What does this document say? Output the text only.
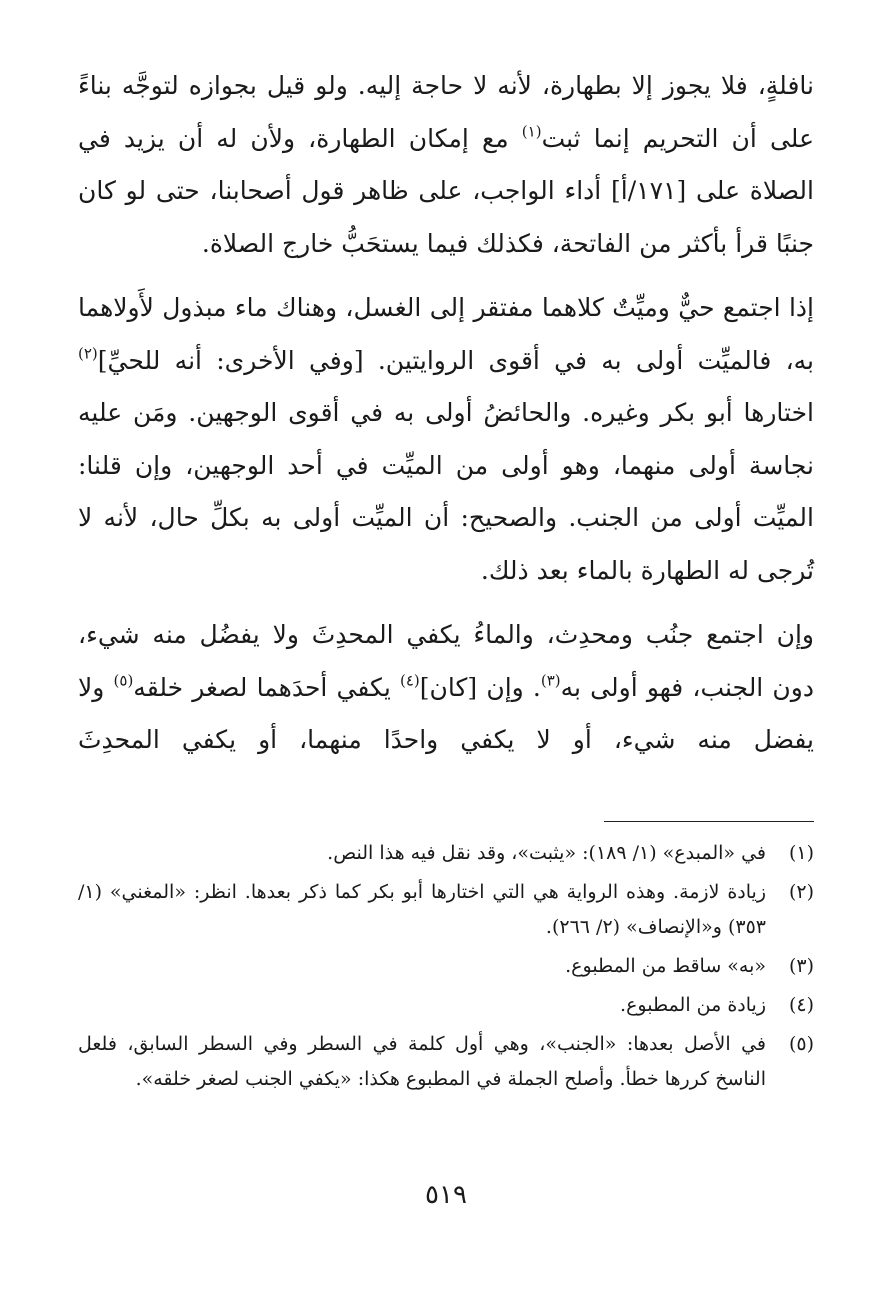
نافلةٍ، فلا يجوز إلا بطهارة، لأنه لا حاجة إليه. ولو قيل بجوازه لتوجَّه بناءً على أن التحريم إنما ثبت$^{(١)}$ مع إمكان الطهارة، ولأن له أن يزيد في الصلاة على [١٧١/أ] أداء الواجب، على ظاهر قول أصحابنا، حتى لو كان جنبًا قرأ بأكثر من الفاتحة، فكذلك فيما يستحَبُّ خارج الصلاة.

إذا اجتمع حيٌّ وميِّتٌ كلاهما مفتقر إلى الغسل، وهناك ماء مبذول لأَولاهما به، فالميِّت أولى به في أقوى الروايتين. [وفي الأخرى: أنه للحيِّ]$^{(٢)}$ اختارها أبو بكر وغيره. والحائضُ أولى به في أقوى الوجهين. ومَن عليه نجاسة أولى منهما، وهو أولى من الميِّت في أحد الوجهين، وإن قلنا: الميِّت أولى من الجنب. والصحيح: أن الميِّت أولى به بكلِّ حال، لأنه لا تُرجى له الطهارة بالماء بعد ذلك.

وإن اجتمع جنُب ومحدِث، والماءُ يكفي المحدِثَ ولا يفضُل منه شيء، دون الجنب، فهو أولى به$^{(٣)}$. وإن [كان]$^{(٤)}$ يكفي أحدَهما لصغر خلقه$^{(٥)}$ ولا يفضل منه شيء، أو لا يكفي واحدًا منهما، أو يكفي المحدِثَ

(١)
في «المبدع» (١/ ١٨٩): «يثبت»، وقد نقل فيه هذا النص.
(٢)
زيادة لازمة. وهذه الرواية هي التي اختارها أبو بكر كما ذكر بعدها. انظر: «المغني» (١/ ٣٥٣) و«الإنصاف» (٢/ ٢٦٦).
(٣)
«به» ساقط من المطبوع.
(٤)
زيادة من المطبوع.
(٥)
في الأصل بعدها: «الجنب»، وهي أول كلمة في السطر وفي السطر السابق، فلعل الناسخ كررها خطأ. وأصلح الجملة في المطبوع هكذا: «يكفي الجنب لصغر خلقه».
٥١٩
